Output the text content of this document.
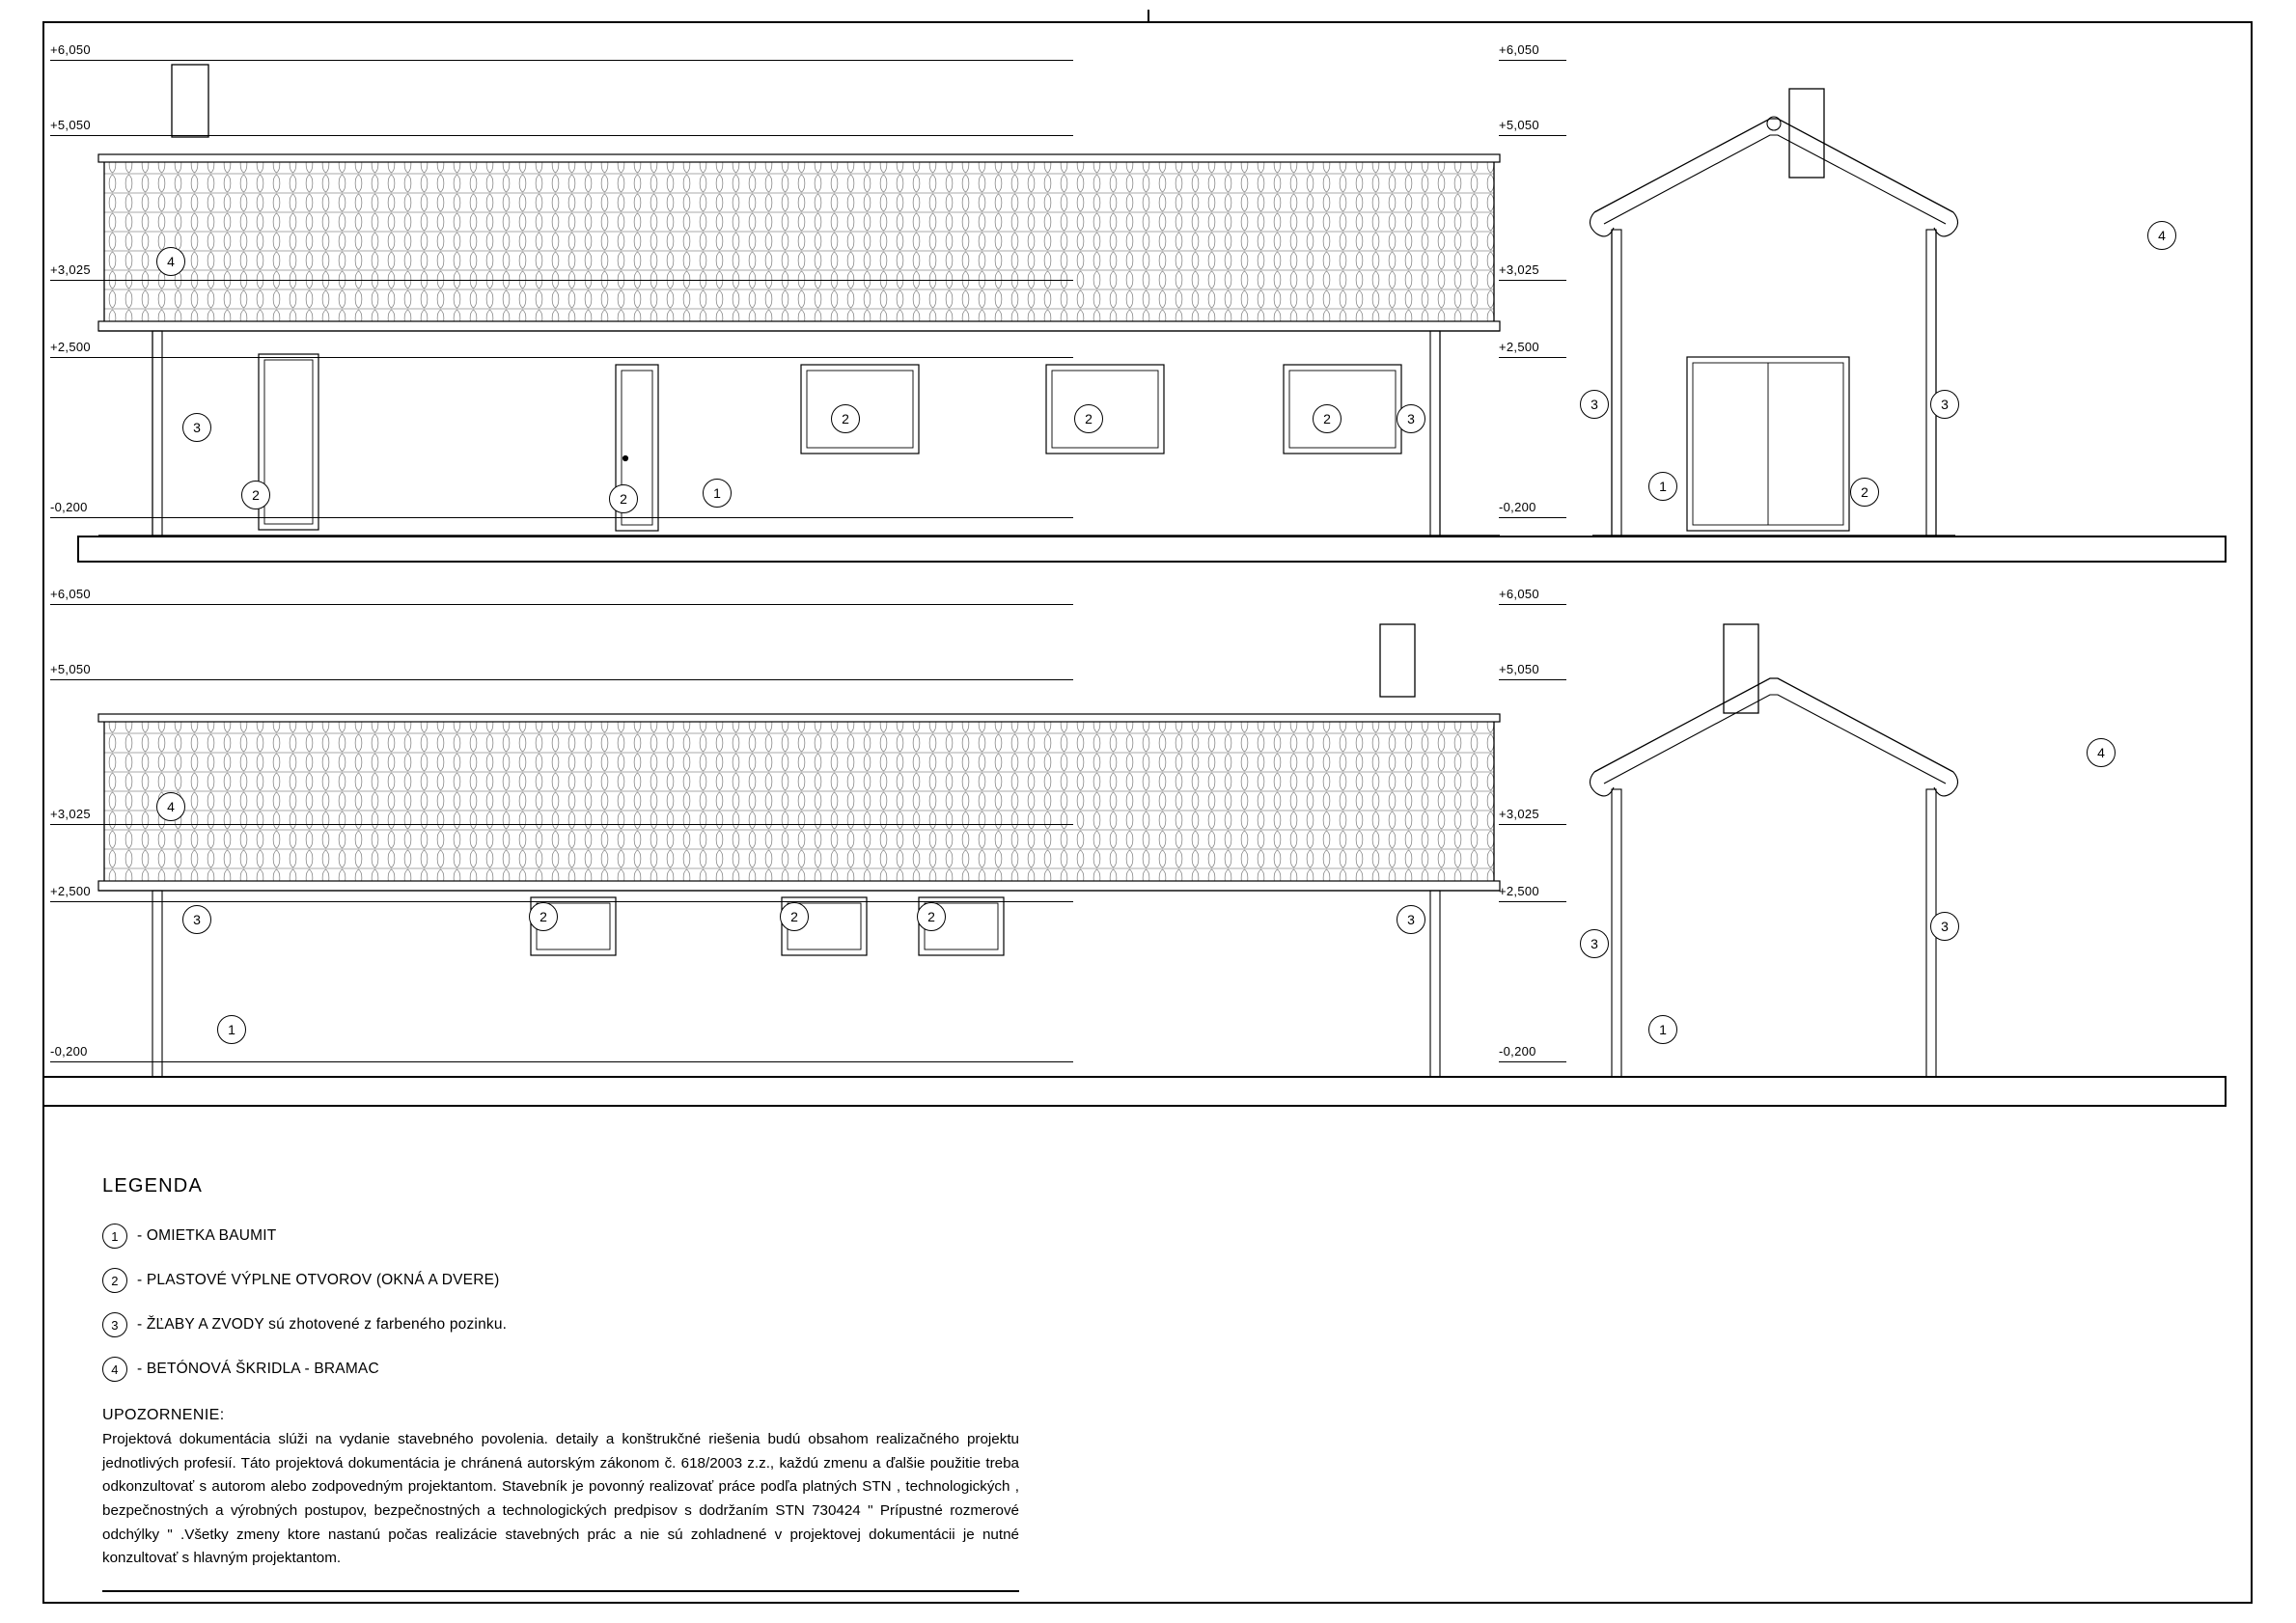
+6,050
+5,050
+3,025
+2,500
-0,200
4
3
2	2	1
2	2	2	3
+6,050
+5,050
+3,025
+2,500
-0,200
4
3
1	2
3
+6,050
+5,050
+3,025
+2,500
-0,200
4
3	2	2	2
1
3
+6,050
+5,050
+3,025
+2,500
-0,200
4
3
1
3
LEGENDA
1	- OMIETKA BAUMIT
2	- PLASTOVÉ VÝPLNE OTVOROV (OKNÁ A DVERE)
3	- ŽĽABY A ZVODY sú zhotovené z farbeného pozinku.
4	- BETÓNOVÁ ŠKRIDLA - BRAMAC
UPOZORNENIE:
Projektová dokumentácia slúži na vydanie stavebného povolenia. detaily a konštrukčné riešenia budú obsahom realizačného projektu jednotlivých profesií. Táto projektová dokumentácia je chránená autorským zákonom č. 618/2003 z.z., každú zmenu a ďalšie použitie treba odkonzultovať s autorom alebo zodpovedným projektantom. Stavebník je povonný realizovať práce podľa platných STN , technologických , bezpečnostných a výrobných postupov, bezpečnostných a technologických predpisov s dodržaním STN 730424 " Prípustné rozmerové odchýlky " .Všetky zmeny ktore nastanú počas realizácie stavebných prác a nie sú zohladnené v projektovej dokumentácii je nutné konzultovať s hlavným projektantom.
